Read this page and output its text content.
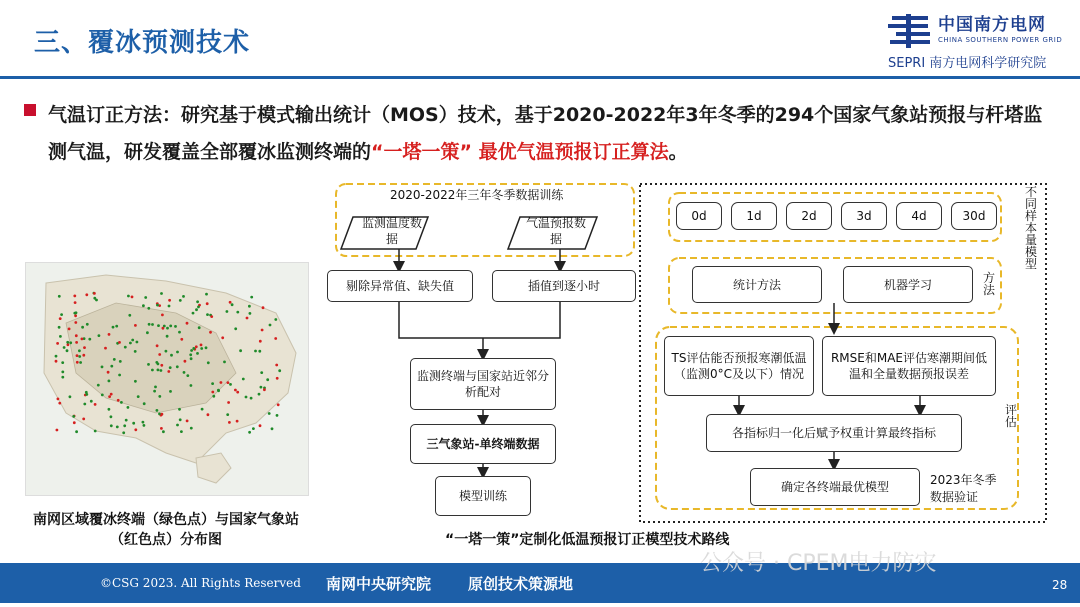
三、覆冰预测技术
中国南方电网
CHINA SOUTHERN POWER GRID
SEPRI 南方电网科学研究院
气温订正方法：研究基于模式输出统计（MOS）技术，基于2020-2022年3年冬季的294个国家气象站预报与杆塔监测气温，研发覆盖全部覆冰监测终端的“一塔一策” 最优气温预报订正算法。
南网区域覆冰终端（绿色点）与国家气象站（红色点）分布图
2020-2022年三年冬季数据训练
监测温度数据
气温预报数据
剔除异常值、缺失值	插值到逐小时
监测终端与国家站近邻分析配对
三气象站-单终端数据
模型训练
0d	1d	2d	3d	4d	30d
不同样本量模型
统计方法	机器学习	方法
TS评估能否预报寒潮低温（监测0°C及以下）情况
RMSE和MAE评估寒潮期间低温和全量数据预报误差
各指标归一化后赋予权重计算最终指标
确定各终端最优模型
评估
2023年冬季数据验证
“一塔一策”定制化低温预报订正模型技术路线
©CSG 2023. All Rights Reserved 南网中央研究院 原创技术策源地
公众号 · CPEM电力防灾
28
